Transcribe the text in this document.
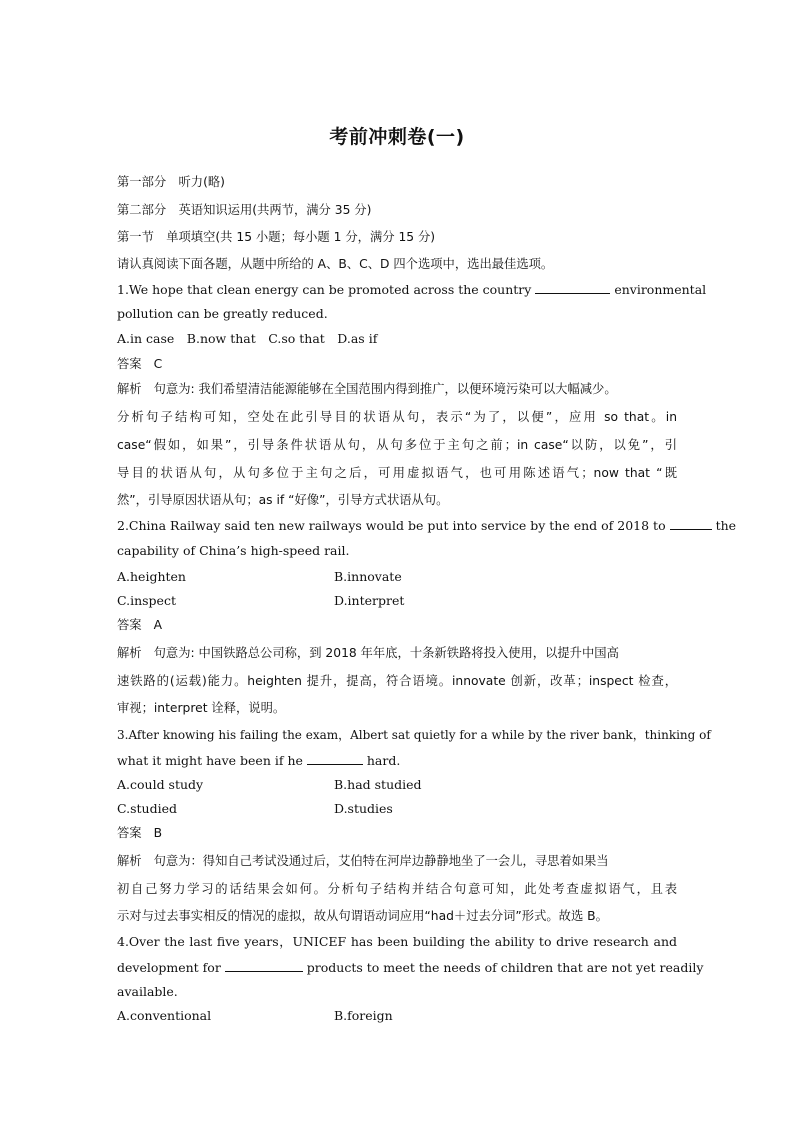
考前冲刺卷(一)
第一部分　听力(略)
第二部分　英语知识运用(共两节，满分 35 分)
第一节　单项填空(共 15 小题；每小题 1 分，满分 15 分)
请认真阅读下面各题，从题中所给的 A、B、C、D 四个选项中，选出最佳选项。
1.We hope that clean energy can be promoted across the country	environmental
pollution can be greatly reduced.
A.in case　B.now that　C.so that　D.as if
答案 C
解析 句意为: 我们希望清洁能源能够在全国范围内得到推广，以便环境污染可以大幅减少。
分析句子结构可知，空处在此引导目的状语从句，表示“为了，以便”，应用 so that。in
case“假如，如果”，引导条件状语从句，从句多位于主句之前；in case“以防，以免”，引
导目的状语从句，从句多位于主句之后，可用虚拟语气，也可用陈述语气；now that “既
然”，引导原因状语从句；as if “好像”，引导方式状语从句。
2.China Railway said ten new railways would be put into service by the end of 2018 to	the
capability of China’s high-speed rail.
A.heighten	B.innovate
C.inspect	D.interpret
答案 A
解析 句意为: 中国铁路总公司称，到 2018 年年底，十条新铁路将投入使用，以提升中国高
速铁路的(运载)能力。heighten 提升，提高，符合语境。innovate 创新，改革；inspect 检查，
审视；interpret 诠释，说明。
3.After knowing his failing the exam，Albert sat quietly for a while by the river bank，thinking of
what it might have been if he	hard.
A.could study	B.had studied
C.studied	D.studies
答案 B
解析 句意为：得知自己考试没通过后，艾伯特在河岸边静静地坐了一会儿，寻思着如果当
初自己努力学习的话结果会如何。分析句子结构并结合句意可知，此处考查虚拟语气，且表
示对与过去事实相反的情况的虚拟，故从句谓语动词应用“had＋过去分词”形式。故选 B。
4.Over the last five years，UNICEF has been building the ability to drive research and
development for	products to meet the needs of children that are not yet readily
available.
A.conventional	B.foreign
